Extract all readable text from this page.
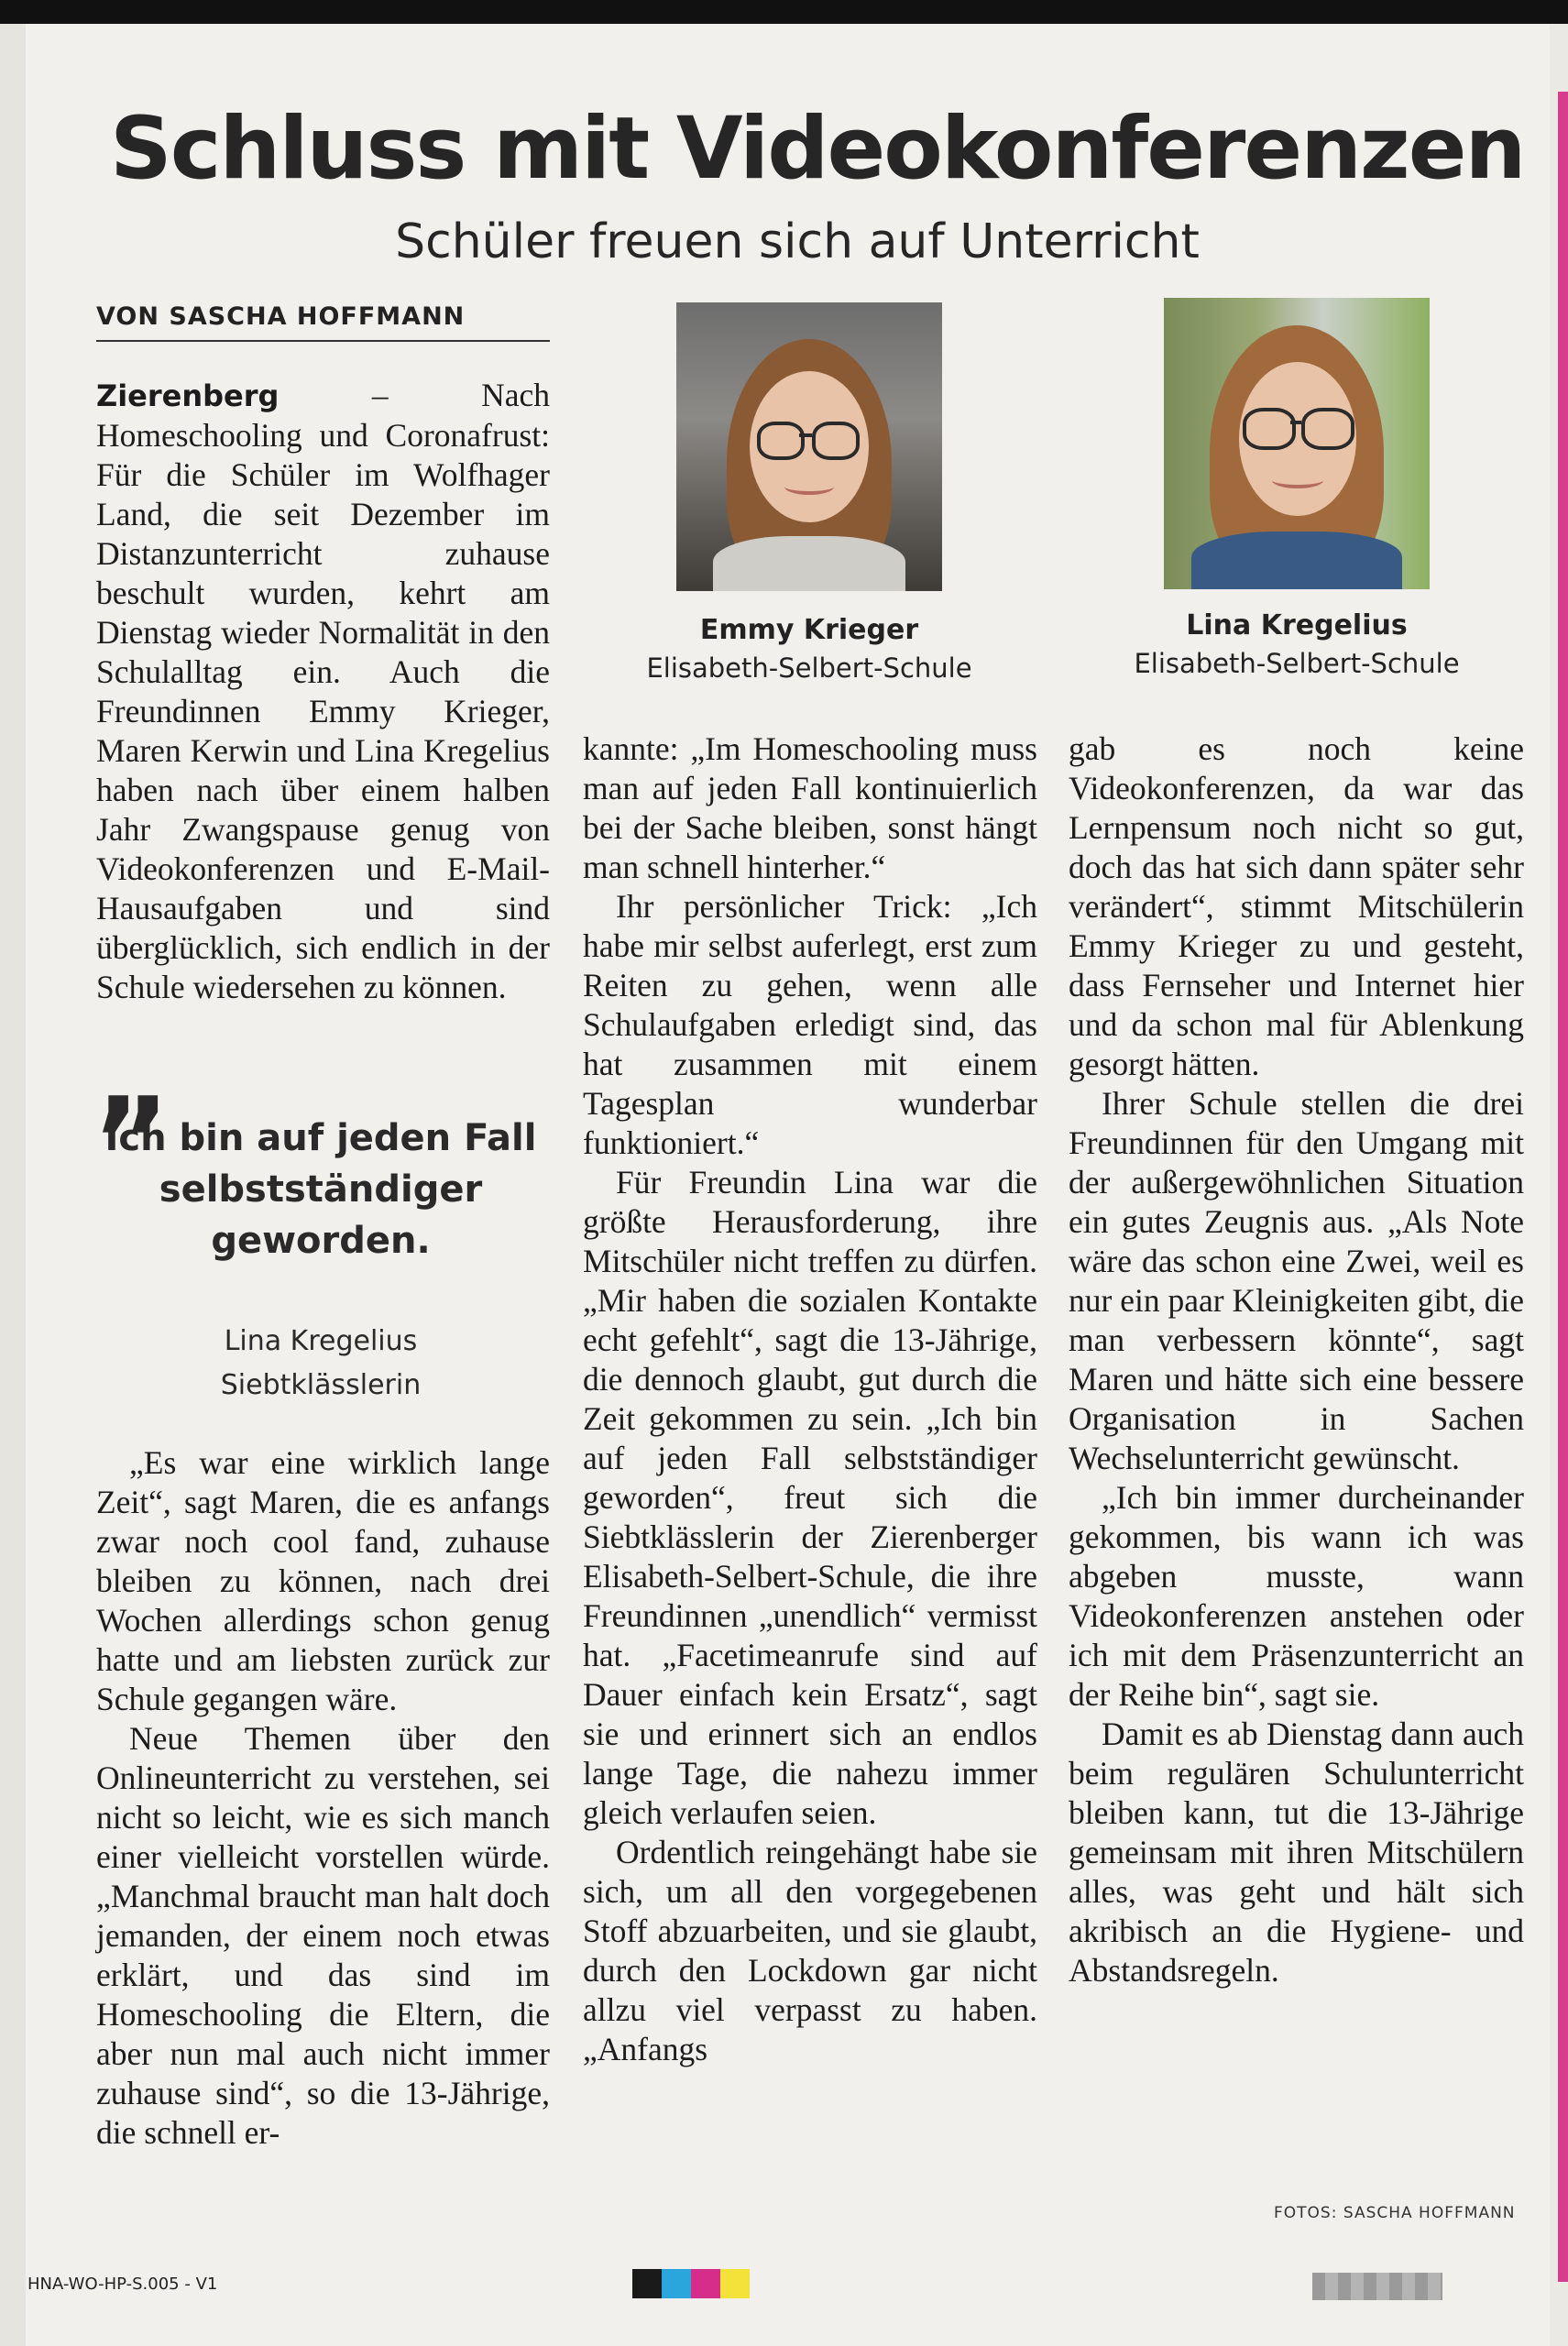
Schluss mit Videokonferenzen
Schüler freuen sich auf Unterricht
VON SASCHA HOFFMANN

Zierenberg – Nach Homeschooling und Coronafrust: Für die Schüler im Wolfhager Land, die seit Dezember im Distanzunterricht zuhause beschult wurden, kehrt am Dienstag wieder Normalität in den Schulalltag ein. Auch die Freundinnen Emmy Krieger, Maren Kerwin und Lina Kregelius haben nach über einem halben Jahr Zwangspause genug von Videokonferenzen und E-Mail-Hausaufgaben und sind überglücklich, sich endlich in der Schule wiedersehen zu können.

”
Ich bin auf jeden Fall selbstständiger geworden.
Lina Kregelius
Siebtklässlerin

„Es war eine wirklich lange Zeit“, sagt Maren, die es anfangs zwar noch cool fand, zuhause bleiben zu können, nach drei Wochen allerdings schon genug hatte und am liebsten zurück zur Schule gegangen wäre.

Neue Themen über den Onlineunterricht zu verstehen, sei nicht so leicht, wie es sich manch einer vielleicht vorstellen würde. „Manchmal braucht man halt doch jemanden, der einem noch etwas erklärt, und das sind im Homeschooling die Eltern, die aber nun mal auch nicht immer zuhause sind“, so die 13-Jährige, die schnell er-

Emmy Krieger
Elisabeth-Selbert-Schule
Lina Kregelius
Elisabeth-Selbert-Schule

kannte: „Im Homeschooling muss man auf jeden Fall kontinuierlich bei der Sache bleiben, sonst hängt man schnell hinterher.“

Ihr persönlicher Trick: „Ich habe mir selbst auferlegt, erst zum Reiten zu gehen, wenn alle Schulaufgaben erledigt sind, das hat zusammen mit einem Tagesplan wunderbar funktioniert.“

Für Freundin Lina war die größte Herausforderung, ihre Mitschüler nicht treffen zu dürfen. „Mir haben die sozialen Kontakte echt gefehlt“, sagt die 13-Jährige, die dennoch glaubt, gut durch die Zeit gekommen zu sein. „Ich bin auf jeden Fall selbstständiger geworden“, freut sich die Siebtklässlerin der Zierenberger Elisabeth-Selbert-Schule, die ihre Freundinnen „unendlich“ vermisst hat. „Facetimeanrufe sind auf Dauer einfach kein Ersatz“, sagt sie und erinnert sich an endlos lange Tage, die nahezu immer gleich verlaufen seien.

Ordentlich reingehängt habe sie sich, um all den vorgegebenen Stoff abzuarbeiten, und sie glaubt, durch den Lockdown gar nicht allzu viel verpasst zu haben. „Anfangs

gab es noch keine Videokonferenzen, da war das Lernpensum noch nicht so gut, doch das hat sich dann später sehr verändert“, stimmt Mitschülerin Emmy Krieger zu und gesteht, dass Fernseher und Internet hier und da schon mal für Ablenkung gesorgt hätten.

Ihrer Schule stellen die drei Freundinnen für den Umgang mit der außergewöhnlichen Situation ein gutes Zeugnis aus. „Als Note wäre das schon eine Zwei, weil es nur ein paar Kleinigkeiten gibt, die man verbessern könnte“, sagt Maren und hätte sich eine bessere Organisation in Sachen Wechselunterricht gewünscht.

„Ich bin immer durcheinander gekommen, bis wann ich was abgeben musste, wann Videokonferenzen anstehen oder ich mit dem Präsenzunterricht an der Reihe bin“, sagt sie.

Damit es ab Dienstag dann auch beim regulären Schulunterricht bleiben kann, tut die 13-Jährige gemeinsam mit ihren Mitschülern alles, was geht und hält sich akribisch an die Hygiene- und Abstandsregeln.

FOTOS: SASCHA HOFFMANN
HNA-WO-HP-S.005 - V1
